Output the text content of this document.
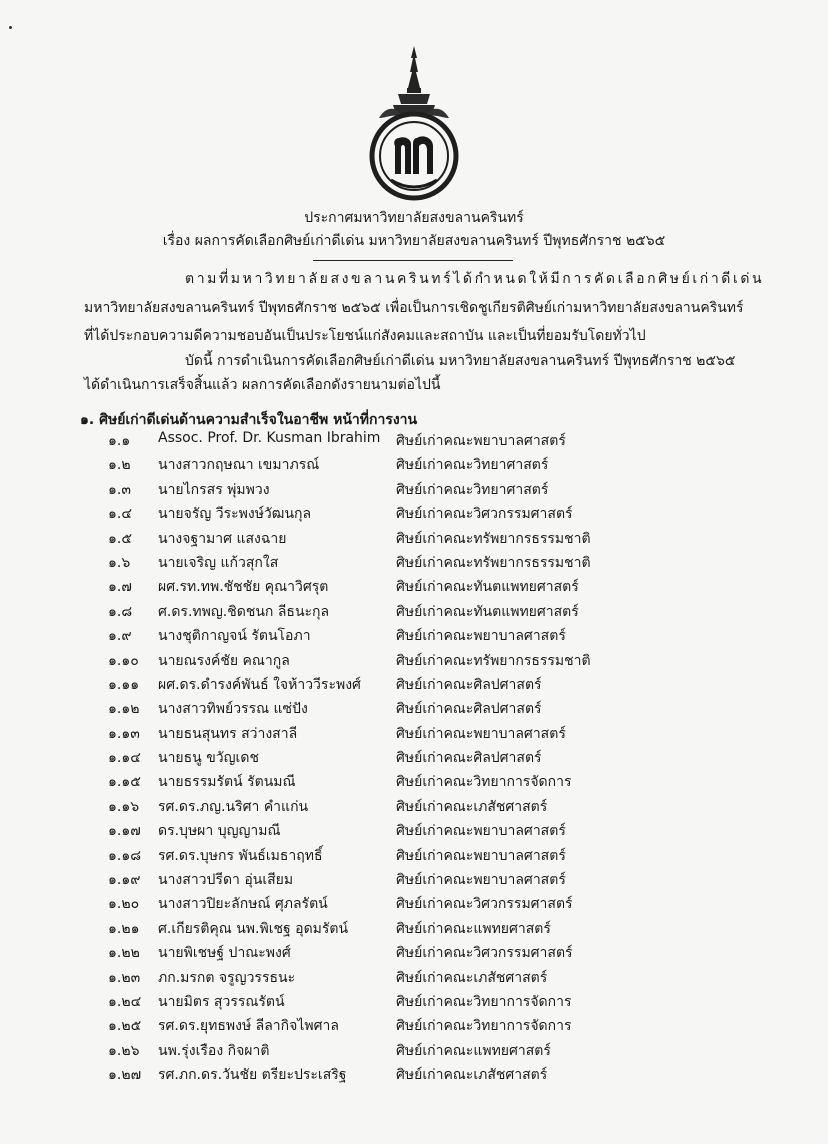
ประกาศมหาวิทยาลัยสงขลานครินทร์
เรื่อง ผลการคัดเลือกศิษย์เก่าดีเด่น มหาวิทยาลัยสงขลานครินทร์ ปีพุทธศักราช ๒๕๖๕
ตามที่มหาวิทยาลัยสงขลานครินทร์ได้กำหนดให้มีการคัดเลือกศิษย์เก่าดีเด่น
มหาวิทยาลัยสงขลานครินทร์ ปีพุทธศักราช ๒๕๖๕ เพื่อเป็นการเชิดชูเกียรติศิษย์เก่ามหาวิทยาลัยสงขลานครินทร์
ที่ได้ประกอบความดีความชอบอันเป็นประโยชน์แก่สังคมและสถาบัน และเป็นที่ยอมรับโดยทั่วไป
บัดนี้ การดำเนินการคัดเลือกศิษย์เก่าดีเด่น มหาวิทยาลัยสงขลานครินทร์ ปีพุทธศักราช ๒๕๖๕
ได้ดำเนินการเสร็จสิ้นแล้ว ผลการคัดเลือกดังรายนามต่อไปนี้
๑. ศิษย์เก่าดีเด่นด้านความสำเร็จในอาชีพ หน้าที่การงาน
๑.๑ Assoc. Prof. Dr. Kusman Ibrahim ศิษย์เก่าคณะพยาบาลศาสตร์
๑.๒ นางสาวกฤษณา เขมาภรณ์	ศิษย์เก่าคณะวิทยาศาสตร์
๑.๓ นายไกรสร พุ่มพวง	ศิษย์เก่าคณะวิทยาศาสตร์
๑.๔ นายจรัญ วีระพงษ์วัฒนกุล	ศิษย์เก่าคณะวิศวกรรมศาสตร์
๑.๕ นางจฐามาศ แสงฉาย	ศิษย์เก่าคณะทรัพยากรธรรมชาติ
๑.๖ นายเจริญ แก้วสุกใส	ศิษย์เก่าคณะทรัพยากรธรรมชาติ
๑.๗ ผศ.รท.ทพ.ชัชชัย คุณาวิศรุต	ศิษย์เก่าคณะทันตแพทยศาสตร์
๑.๘ ศ.ดร.ทพญ.ชิดชนก ลีธนะกุล	ศิษย์เก่าคณะทันตแพทยศาสตร์
๑.๙ นางชุติกาญจน์ รัตนโอภา	ศิษย์เก่าคณะพยาบาลศาสตร์
๑.๑๐ นายณรงค์ชัย คณากูล	ศิษย์เก่าคณะทรัพยากรธรรมชาติ
๑.๑๑ ผศ.ดร.ดำรงค์พันธ์ ใจห้าววีระพงศ์	ศิษย์เก่าคณะศิลปศาสตร์
๑.๑๒ นางสาวทิพย์วรรณ แซ่ปัง	ศิษย์เก่าคณะศิลปศาสตร์
๑.๑๓ นายธนสุนทร สว่างสาลี	ศิษย์เก่าคณะพยาบาลศาสตร์
๑.๑๔ นายธนู ขวัญเดช	ศิษย์เก่าคณะศิลปศาสตร์
๑.๑๕ นายธรรมรัตน์ รัตนมณี	ศิษย์เก่าคณะวิทยาการจัดการ
๑.๑๖ รศ.ดร.ภญ.นริศา คำแก่น	ศิษย์เก่าคณะเภสัชศาสตร์
๑.๑๗ ดร.บุษผา บุญญามณี	ศิษย์เก่าคณะพยาบาลศาสตร์
๑.๑๘ รศ.ดร.บุษกร พันธ์เมธาฤทธิ์	ศิษย์เก่าคณะพยาบาลศาสตร์
๑.๑๙ นางสาวปรีดา อุ่นเสียม	ศิษย์เก่าคณะพยาบาลศาสตร์
๑.๒๐ นางสาวปิยะลักษณ์ ศุภลรัตน์	ศิษย์เก่าคณะวิศวกรรมศาสตร์
๑.๒๑ ศ.เกียรติคุณ นพ.พิเชฐ อุดมรัตน์	ศิษย์เก่าคณะแพทยศาสตร์
๑.๒๒ นายพิเชษฐ์ ปาณะพงศ์	ศิษย์เก่าคณะวิศวกรรมศาสตร์
๑.๒๓ ภก.มรกต จรูญวรรธนะ	ศิษย์เก่าคณะเภสัชศาสตร์
๑.๒๔ นายมิตร สุวรรณรัตน์	ศิษย์เก่าคณะวิทยาการจัดการ
๑.๒๕ รศ.ดร.ยุทธพงษ์ ลีลากิจไพศาล	ศิษย์เก่าคณะวิทยาการจัดการ
๑.๒๖ นพ.รุ่งเรือง กิจผาติ	ศิษย์เก่าคณะแพทยศาสตร์
๑.๒๗ รศ.ภก.ดร.วันชัย ตรียะประเสริฐ	ศิษย์เก่าคณะเภสัชศาสตร์
